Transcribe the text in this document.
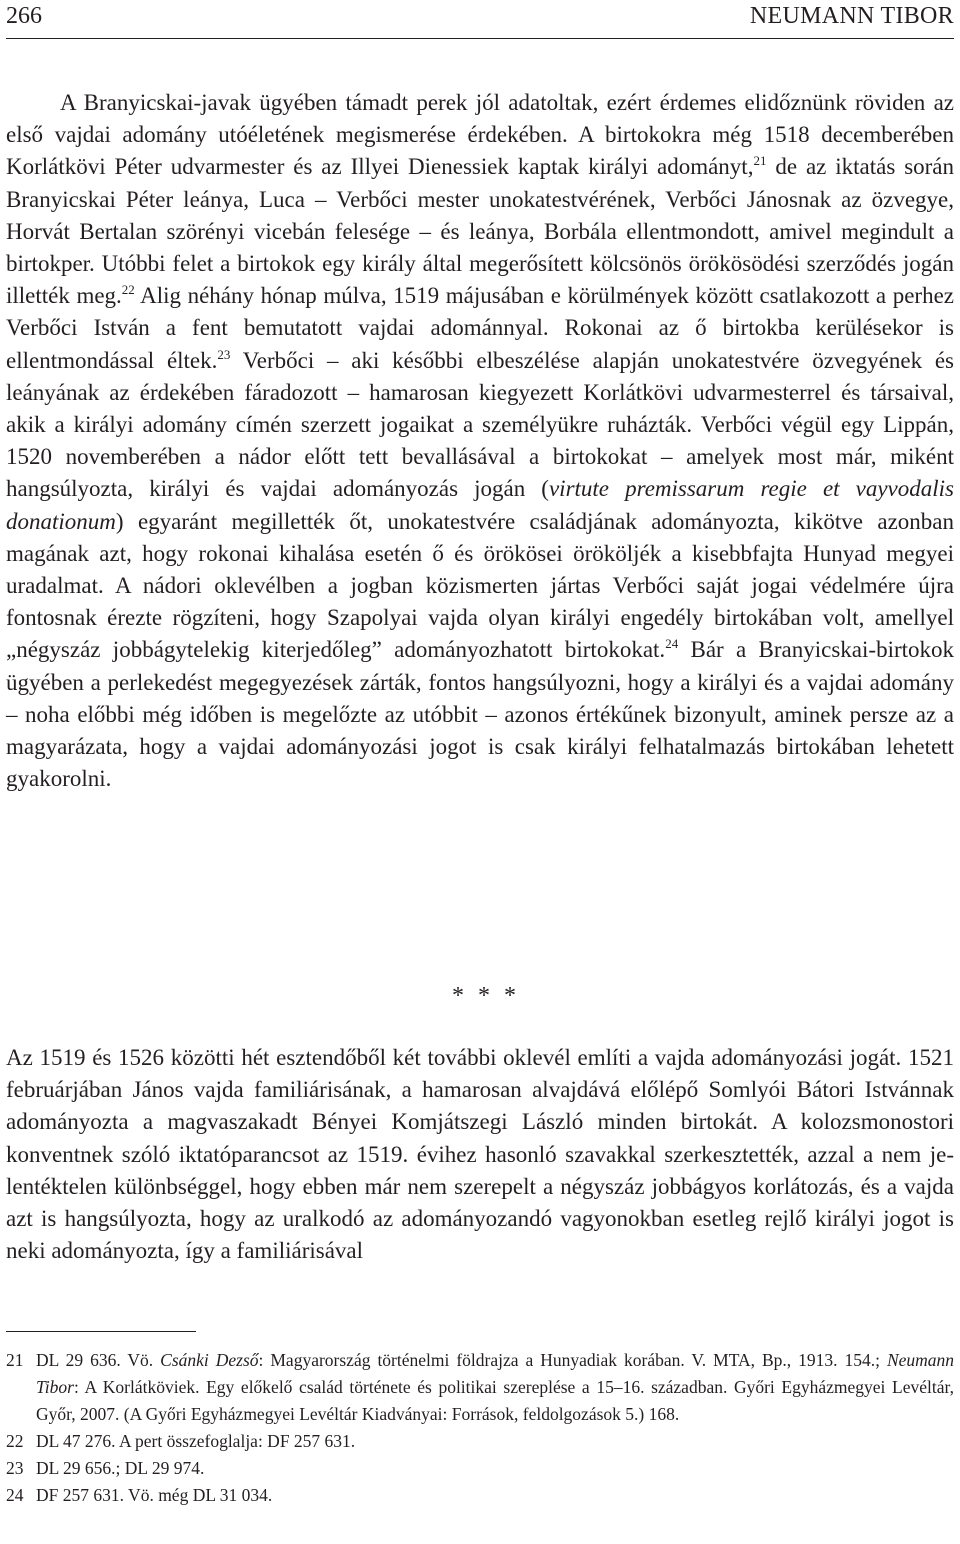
266	NEUMANN TIBOR

A Branyicskai-javak ügyében támadt perek jól adatoltak, ezért érdemes elidőznünk röviden az első vajdai adomány utóéletének megismerése érdekében. A birtokokra még 1518 decemberében Korlátkövi Péter udvarmester és az Illyei Dienessiek kaptak királyi adományt,$^{21}$ de az iktatás során Branyicskai Péter leánya, Luca – Verbőci mester unokatestvérének, Verbőci Jánosnak az özvegye, Horvát Bertalan szörényi vicebán felesége – és leánya, Borbála ellentmondott, amivel megindult a birtokper. Utóbbi felet a birtokok egy király által megerősített kölcsönös örökösödési szerződés jogán illették meg.$^{22}$ Alig néhány hónap múlva, 1519 májusában e körülmények között csatlakozott a perhez Verbőci István a fent bemutatott vajdai adománnyal. Rokonai az ő birtokba kerülésekor is ellentmondással éltek.$^{23}$ Verbőci – aki későbbi elbeszélése alapján unokatestvére özvegyének és leányának az érdekében fáradozott – hamarosan kiegyezett Korlátkövi udvarmesterrel és társaival, akik a királyi adomány címén szerzett jogaikat a személyükre ruházták. Verbőci végül egy Lippán, 1520 novemberében a nádor előtt tett bevallásával a birtokokat – amelyek most már, miként hangsúlyozta, királyi és vajdai adományozás jogán (virtute premissarum regie et vayvodalis donationum) egyaránt megillették őt, unokatestvére családjának adományozta, kikötve azonban magának azt, hogy rokonai kihalása esetén ő és örökösei örököljék a kisebbfajta Hunyad megyei uradalmat. A nádori oklevélben a jogban közismerten jártas Verbőci saját jogai védelmére újra fontosnak érezte rögzíteni, hogy Szapolyai vajda olyan királyi engedély birtokában volt, amellyel „négyszáz jobbágytelekig kiterjedőleg” adományozhatott birtokokat.$^{24}$ Bár a Branyicskai-birtokok ügyében a perlekedést megegyezések zárták, fontos hangsúlyozni, hogy a királyi és a vajdai adomány – noha előbbi még időben is megelőzte az utóbbit – azonos értékűnek bizonyult, aminek persze az a magyarázata, hogy a vajdai adományozási jogot is csak királyi felhatalmazás birtokában lehetett gyakorolni.

* * *

Az 1519 és 1526 közötti hét esztendőből két további oklevél említi a vajda adományozási jogát. 1521 februárjában János vajda familiárisának, a hamarosan alvajdává előlépő Somlyói Bátori Istvánnak adományozta a magvaszakadt Bényei Komjátszegi László minden birtokát. A kolozsmonostori konventnek szóló iktatóparancsot az 1519. évihez hasonló szavakkal szerkesztették, azzal a nem jelentéktelen különbséggel, hogy ebben már nem szerepelt a négyszáz jobbágyos korlátozás, és a vajda azt is hangsúlyozta, hogy az uralkodó az adományozandó vagyonokban esetleg rejlő királyi jogot is neki adományozta, így a familiárisával

21 DL 29 636. Vö. Csánki Dezső: Magyarország történelmi földrajza a Hunyadiak korában. V. MTA, Bp., 1913. 154.; Neumann Tibor: A Korlátköviek. Egy előkelő család története és politikai szereplése a 15–16. században. Győri Egyházmegyei Levéltár, Győr, 2007. (A Győri Egyházmegyei Levéltár Kiadványai: Források, feldolgozások 5.) 168.
22 DL 47 276. A pert összefoglalja: DF 257 631.
23 DL 29 656.; DL 29 974.
24 DF 257 631. Vö. még DL 31 034.
